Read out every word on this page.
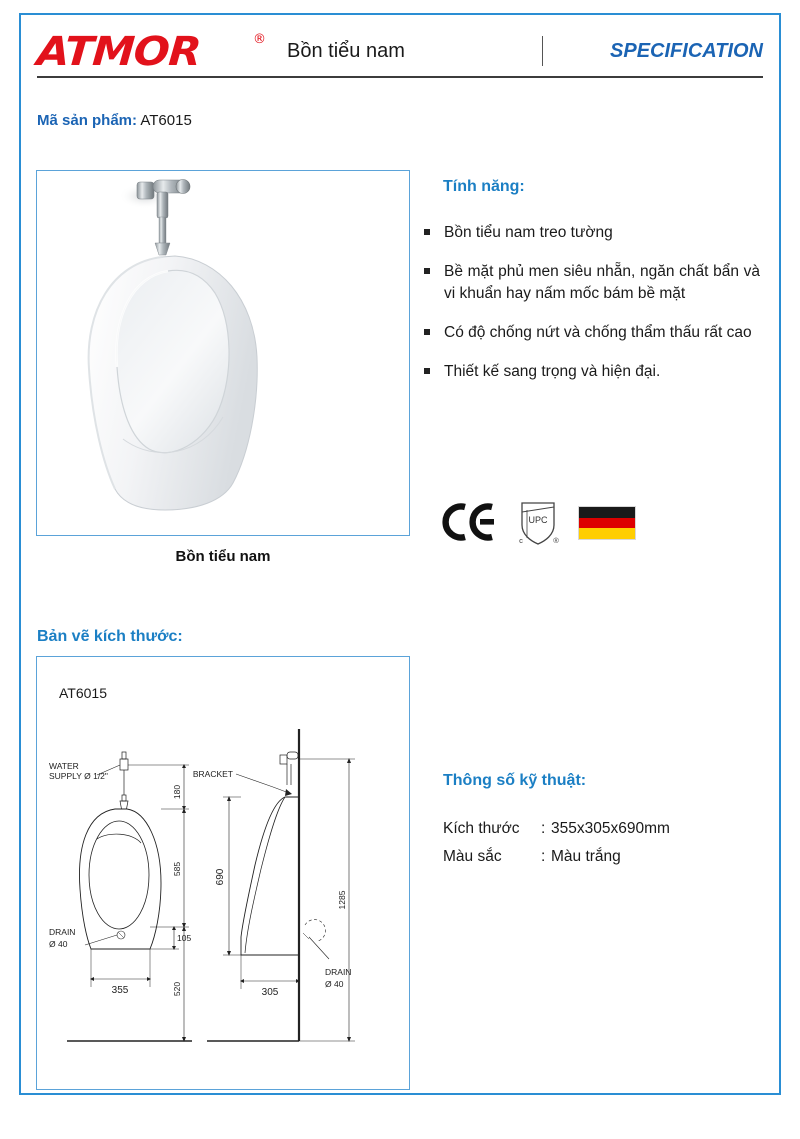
ATMOR	®
Bồn tiểu nam	SPECIFICATION
Mã sản phẩm: AT6015
Bồn tiểu nam
Tính năng:
Bồn tiểu nam treo tường
Bề mặt phủ men siêu nhẵn, ngăn chất bẩn và vi khuẩn hay nấm mốc bám bề mặt
Có độ chống nứt và chống thẩm thấu rất cao
Thiết kế sang trọng và hiện đại.
UPC
c	®
Bản vẽ kích thước:
AT6015
WATER
SUPPLY Ø 1/2"
DRAIN
Ø 40
180
585
105
520
355
BRACKET
DRAIN
Ø 40
690
305
1285
Thông số kỹ thuật:
Kích thước	: 355x305x690mm
Màu sắc	: Màu trắng
